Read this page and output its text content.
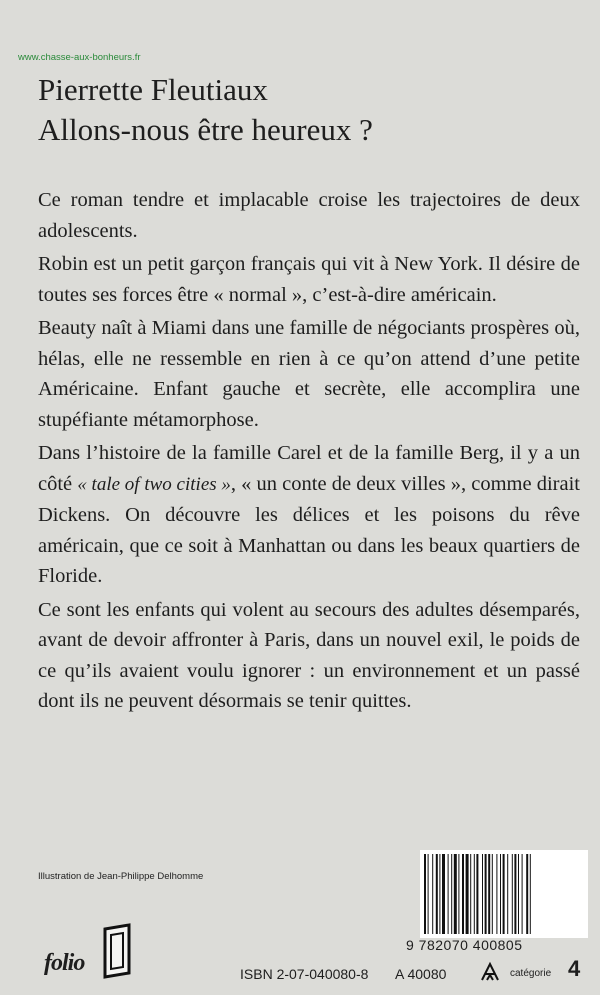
www.chasse-aux-bonheurs.fr
Pierrette Fleutiaux
Allons-nous être heureux ?

Ce roman tendre et implacable croise les trajectoires de deux adolescents.

Robin est un petit garçon français qui vit à New York. Il désire de toutes ses forces être « normal », c’est-à-dire américain.

Beauty naît à Miami dans une famille de négociants prospères où, hélas, elle ne ressemble en rien à ce qu’on attend d’une petite Américaine. Enfant gauche et secrète, elle accomplira une stupéfiante métamorphose.

Dans l’histoire de la famille Carel et de la famille Berg, il y a un côté « tale of two cities », « un conte de deux villes », comme dirait Dickens. On découvre les délices et les poisons du rêve américain, que ce soit à Manhattan ou dans les beaux quartiers de Floride.

Ce sont les enfants qui volent au secours des adultes désemparés, avant de devoir affronter à Paris, dans un nouvel exil, le poids de ce qu’ils avaient voulu ignorer : un environnement et un passé dont ils ne peuvent désormais se tenir quittes.

Illustration de Jean-Philippe Delhomme
9 782070 400805
folio	ISBN 2-07-040080-8 A 40080	catégorie 4
